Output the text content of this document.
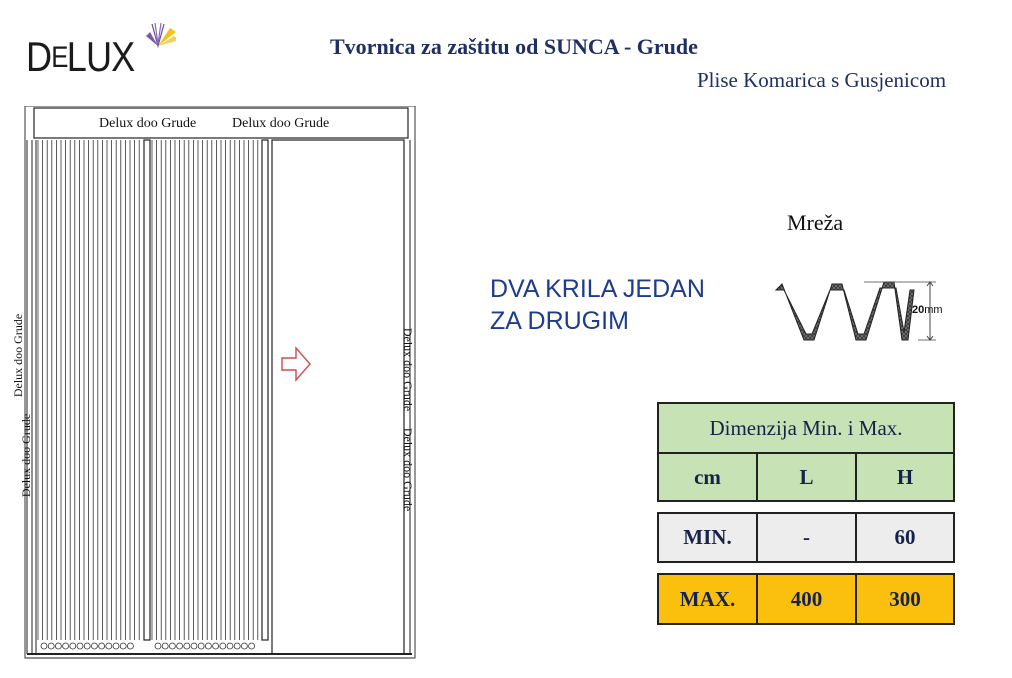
DELUX	Tvornica za zaštitu od SUNCA - Grude
Plise Komarica s Gusjenicom
Delux doo Grude	Delux doo Grude
Delux doo Grude
Delux doo Grude
Delux doo Grude
Delux doo Grude
Mreža
DVA KRILA JEDAN
ZA DRUGIM	20mm
Dimenzija Min. i Max.
cm	L	H
MIN.	-	60
MAX.	400	300
